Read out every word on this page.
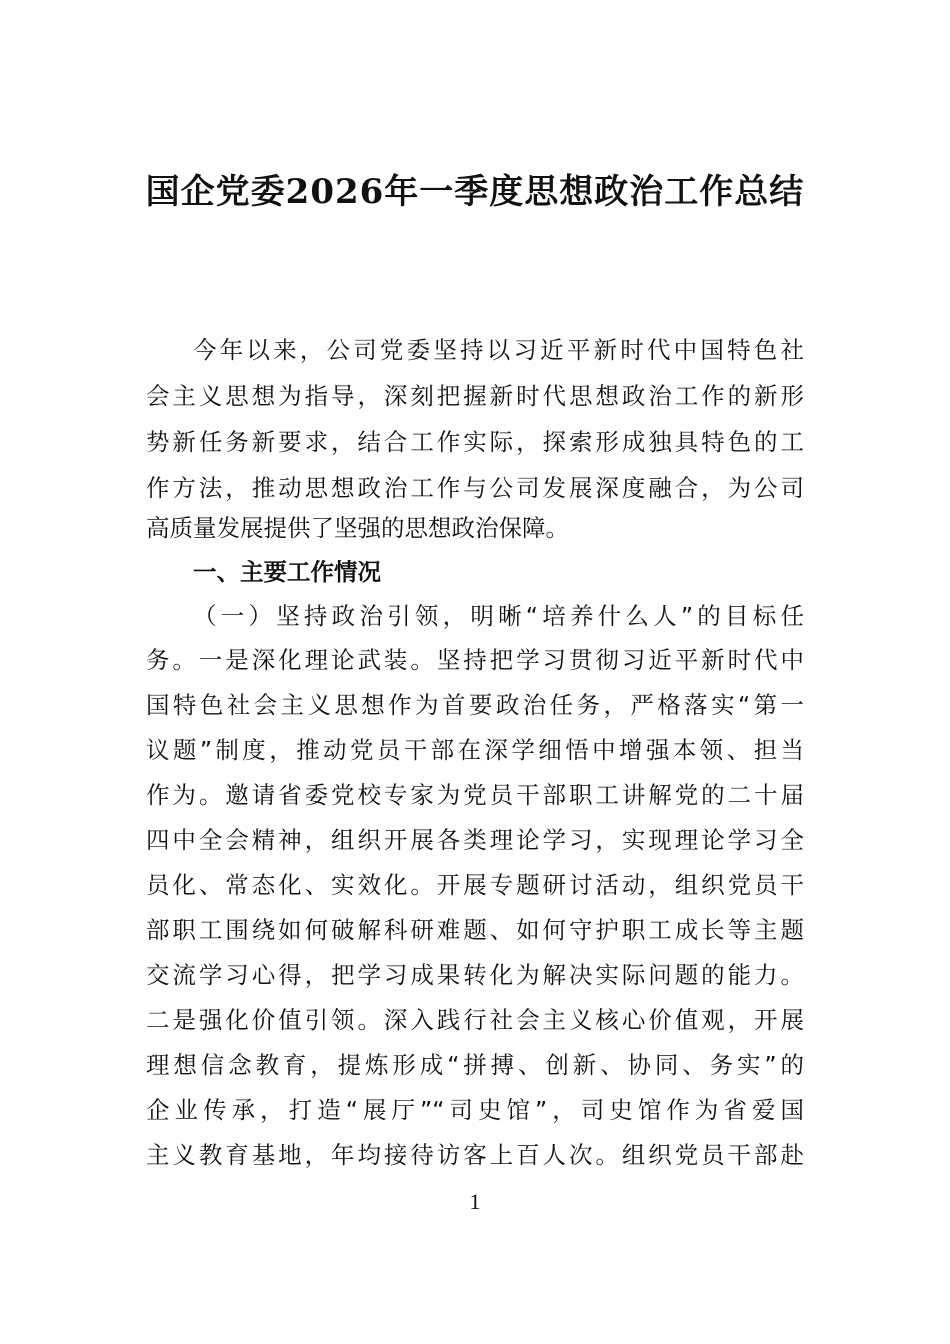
国企党委2026年一季度思想政治工作总结
今年以来，公司党委坚持以习近平新时代中国特色社
会主义思想为指导，深刻把握新时代思想政治工作的新形
势新任务新要求，结合工作实际，探索形成独具特色的工
作方法，推动思想政治工作与公司发展深度融合，为公司
高质量发展提供了坚强的思想政治保障。
一、主要工作情况
（一）坚持政治引领，明晰“培养什么人”的目标任
务。一是深化理论武装。坚持把学习贯彻习近平新时代中
国特色社会主义思想作为首要政治任务，严格落实“第一
议题”制度，推动党员干部在深学细悟中增强本领、担当
作为。邀请省委党校专家为党员干部职工讲解党的二十届
四中全会精神，组织开展各类理论学习，实现理论学习全
员化、常态化、实效化。开展专题研讨活动，组织党员干
部职工围绕如何破解科研难题、如何守护职工成长等主题
交流学习心得，把学习成果转化为解决实际问题的能力。
二是强化价值引领。深入践行社会主义核心价值观，开展
理想信念教育，提炼形成“拼搏、创新、协同、务实”的
企业传承，打造“展厅”“司史馆”，司史馆作为省爱国
主义教育基地，年均接待访客上百人次。组织党员干部赴
1
